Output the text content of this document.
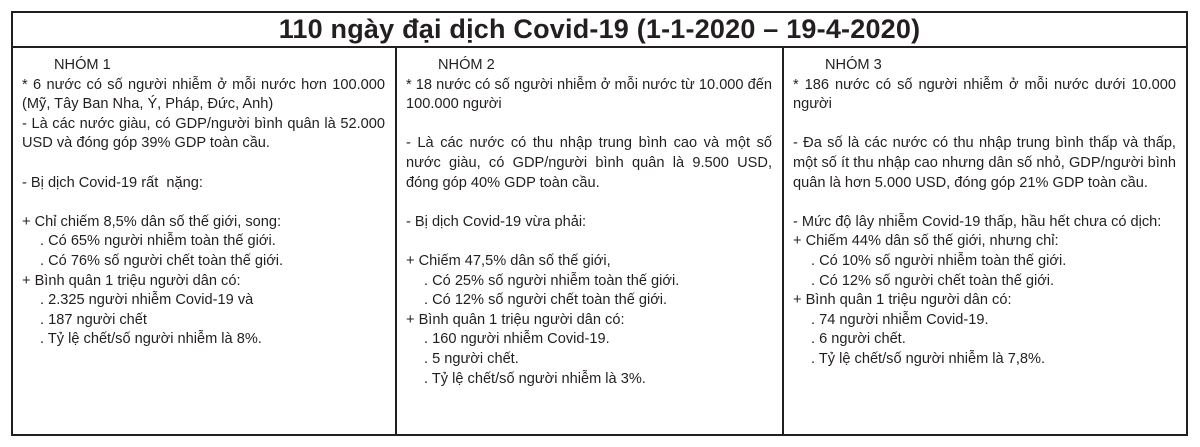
110 ngày đại dịch Covid-19 (1-1-2020 – 19-4-2020)
NHÓM 1
* 6 nước có số người nhiễm ở mỗi nước hơn 100.000 (Mỹ, Tây Ban Nha, Ý, Pháp, Đức, Anh)
- Là các nước giàu, có GDP/người bình quân là 52.000 USD và đóng góp 39% GDP toàn cầu.
- Bị dịch Covid-19 rất  nặng:
+ Chỉ chiếm 8,5% dân số thế giới, song:
. Có 65% người nhiễm toàn thế giới.
. Có 76% số người chết toàn thế giới.
+ Bình quân 1 triệu người dân có:
. 2.325 người nhiễm Covid-19 và
. 187 người chết
. Tỷ lệ chết/số người nhiễm là 8%.
NHÓM 2
* 18 nước có số người nhiễm ở mỗi nước từ 10.000 đến 100.000 người
- Là các nước có thu nhập trung bình cao và một số nước giàu, có GDP/người bình quân là 9.500 USD, đóng góp 40% GDP toàn cầu.
- Bị dịch Covid-19 vừa phải:
+ Chiếm 47,5% dân số thế giới,
. Có 25% số người nhiễm toàn thế giới.
. Có 12% số người chết toàn thế giới.
+ Bình quân 1 triệu người dân có:
. 160 người nhiễm Covid-19.
. 5 người chết.
. Tỷ lệ chết/số người nhiễm là 3%.
NHÓM 3
* 186 nước có số người nhiễm ở mỗi nước dưới 10.000 người
- Đa số là các nước có thu nhập trung bình thấp và thấp, một số ít thu nhập cao nhưng dân số nhỏ, GDP/người bình quân là hơn 5.000 USD, đóng góp 21% GDP toàn cầu.
- Mức độ lây nhiễm Covid-19 thấp, hầu hết chưa có dịch:
+ Chiếm 44% dân số thế giới, nhưng chỉ:
. Có 10% số người nhiễm toàn thế giới.
. Có 12% số người chết toàn thế giới.
+ Bình quân 1 triệu người dân có:
. 74 người nhiễm Covid-19.
. 6 người chết.
. Tỷ lệ chết/số người nhiễm là 7,8%.
